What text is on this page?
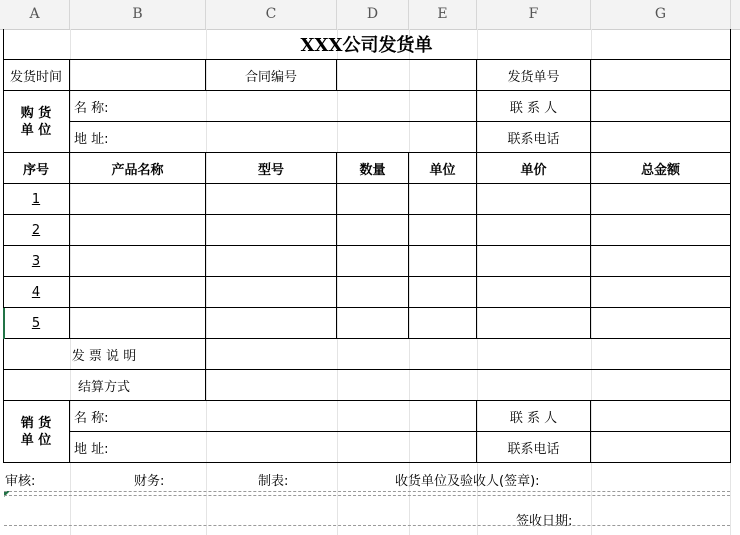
A	B	C	D	E	F	G
XXX公司发货单
发货时间	合同编号	发货单号
购 货
单 位
名 称:	联 系 人
地 址:	联系电话
序号	产品名称	型号	数量	单位	单价	总金额
1
2
3
4
5
发 票 说 明
结算方式
销 货
单 位
名 称:	联 系 人
地 址:	联系电话
审核:	财务:	制表:	收货单位及验收人(签章):
签收日期:
